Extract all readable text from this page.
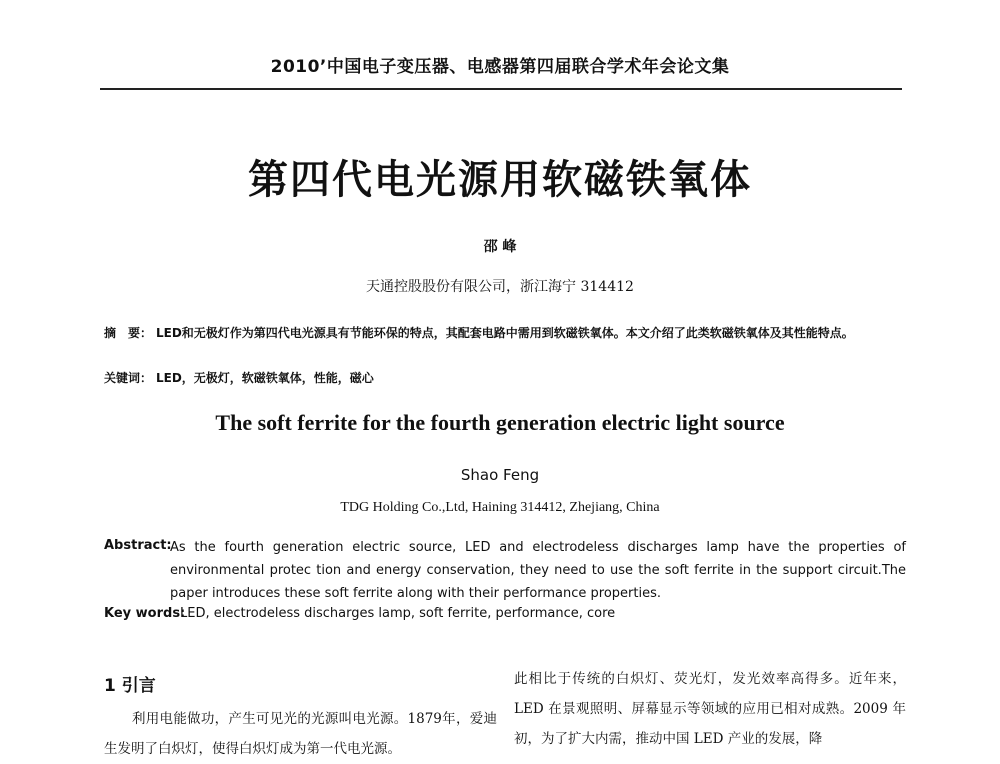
2010’中国电子变压器、电感器第四届联合学术年会论文集
第四代电光源用软磁铁氧体
邵 峰
天通控股股份有限公司，浙江海宁 314412
摘　要： LED和无极灯作为第四代电光源具有节能环保的特点，其配套电路中需用到软磁铁氧体。本文介绍了此类软磁铁氧体及其性能特点。
关键词： LED，无极灯，软磁铁氧体，性能，磁心
The soft ferrite for the fourth generation electric light source
Shao Feng
TDG Holding Co.,Ltd, Haining 314412, Zhejiang, China
Abstract:
As the fourth generation electric source, LED and electrodeless discharges lamp have the properties of environmental protec tion and energy conservation, they need to use the soft ferrite in the support circuit.The paper introduces these soft ferrite along with their performance properties.
Key words:
LED, electrodeless discharges lamp, soft ferrite, performance, core
1 引言
利用电能做功，产生可见光的光源叫电光源。1879年，爱迪生发明了白炽灯，使得白炽灯成为第一代电光源。
此相比于传统的白炽灯、荧光灯，发光效率高得多。近年来，LED 在景观照明、屏幕显示等领域的应用已相对成熟。2009 年初，为了扩大内需，推动中国 LED 产业的发展，降
